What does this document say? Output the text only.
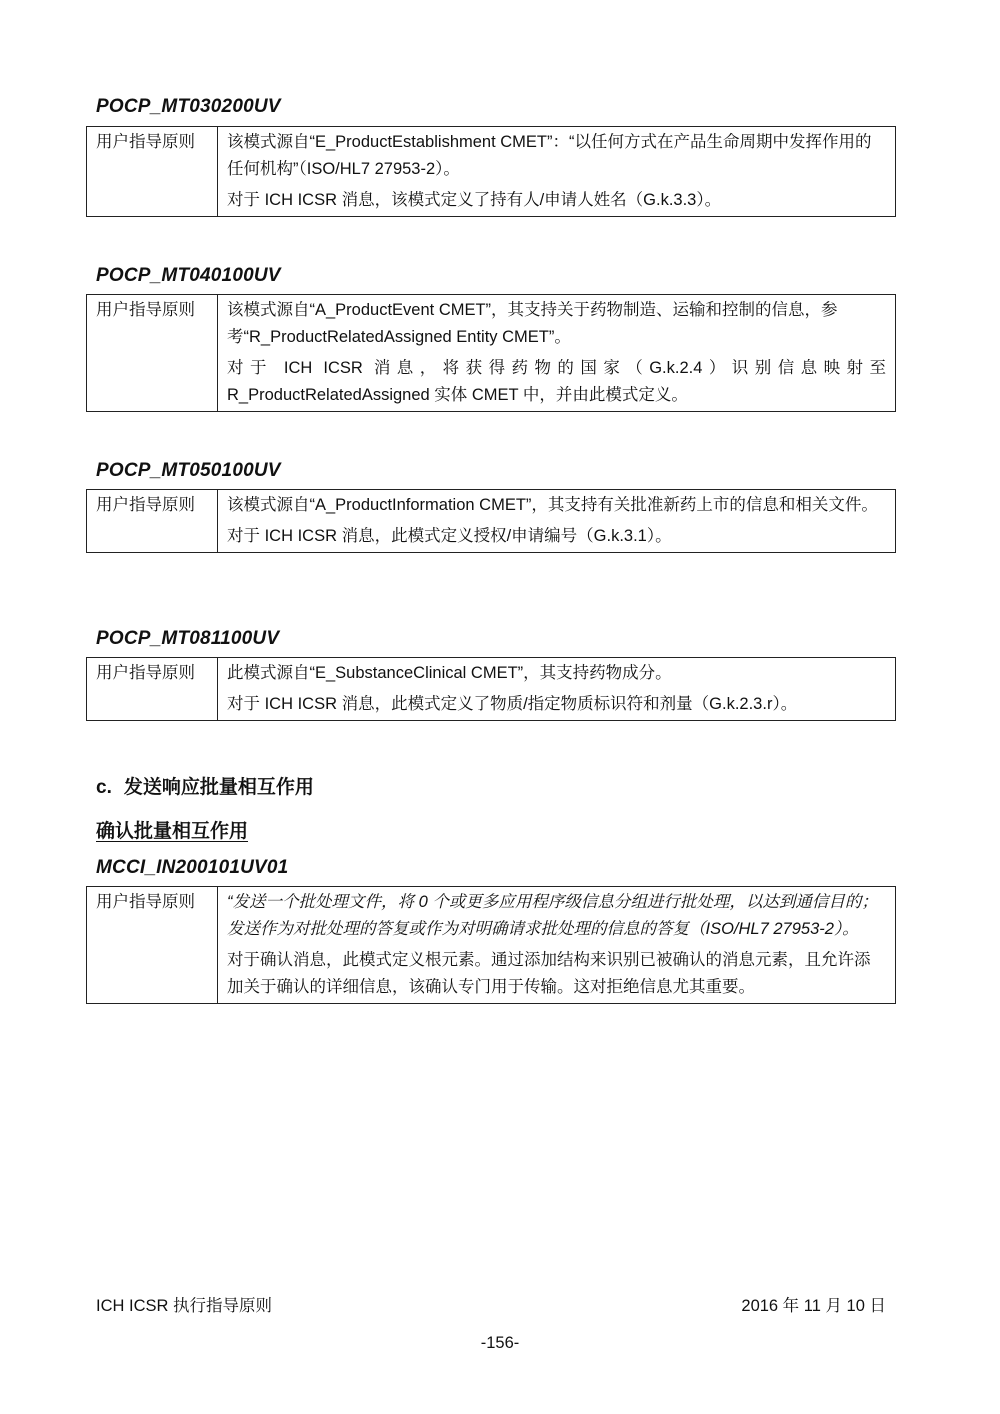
POCP_MT030200UV
用户指导原则	该模式源自“E_ProductEstablishment CMET”：“以任何方式在产品生命周期中发挥作用的任何机构”（ISO/HL7 27953-2）。

对于 ICH ICSR 消息，该模式定义了持有人/申请人姓名（G.k.3.3）。

POCP_MT040100UV
用户指导原则	该模式源自“A_ProductEvent CMET”，其支持关于药物制造、运输和控制的信息，参考“R_ProductRelatedAssigned Entity CMET”。

对于 ICH ICSR 消息，将获得药物的国家（G.k.2.4）识别信息映射至

R_ProductRelatedAssigned 实体 CMET 中，并由此模式定义。

POCP_MT050100UV
用户指导原则	该模式源自“A_ProductInformation CMET”，其支持有关批准新药上市的信息和相关文件。

对于 ICH ICSR 消息，此模式定义授权/申请编号（G.k.3.1）。

POCP_MT081100UV
用户指导原则	此模式源自“E_SubstanceClinical CMET”，其支持药物成分。

对于 ICH ICSR 消息，此模式定义了物质/指定物质标识符和剂量（G.k.2.3.r）。

c. 发送响应批量相互作用
确认批量相互作用
MCCI_IN200101UV01
用户指导原则	“发送一个批处理文件，将 0 个或更多应用程序级信息分组进行批处理，以达到通信目的；发送作为对批处理的答复或作为对明确请求批处理的信息的答复（ISO/HL7 27953-2）。

对于确认消息，此模式定义根元素。通过添加结构来识别已被确认的消息元素，且允许添加关于确认的详细信息，该确认专门用于传输。这对拒绝信息尤其重要。

ICH ICSR 执行指导原则	2016 年 11 月 10 日
-156-
